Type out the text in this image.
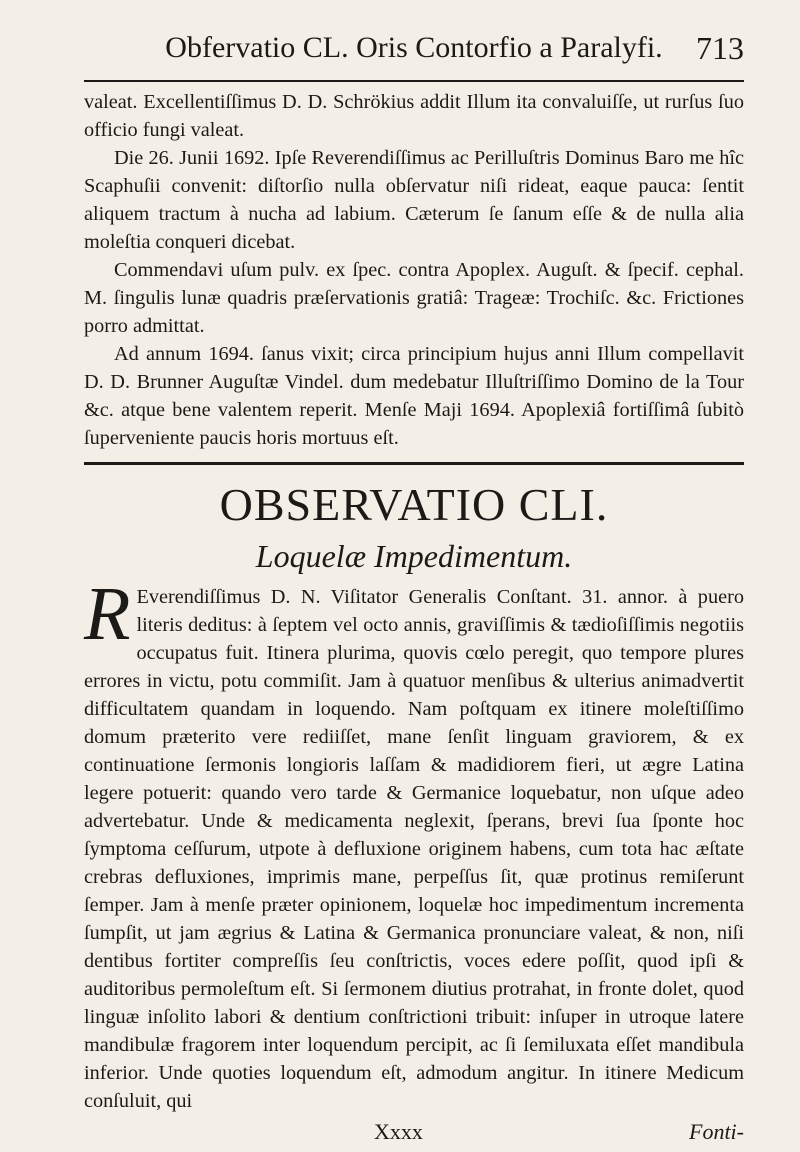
Obfervatio CL. Oris Contorfio a Paralyfi. 713

valeat. Excellentiſſimus D. D. Schrökius addit Illum ita convaluiſſe, ut rurſus ſuo officio fungi valeat.

Die 26. Junii 1692. Ipſe Reverendiſſimus ac Perilluſtris Dominus Baro me hîc Scaphuſii convenit: diſtorſio nulla obſervatur niſi rideat, eaque pauca: ſentit aliquem tractum à nucha ad labium. Cæterum ſe ſanum eſſe & de nulla alia moleſtia conqueri dicebat.

Commendavi uſum pulv. ex ſpec. contra Apoplex. Auguſt. & ſpecif. cephal. M. ſingulis lunæ quadris præſervationis gratiâ: Trageæ: Trochiſc. &c. Frictiones porro admittat.

Ad annum 1694. ſanus vixit; circa principium hujus anni Illum compellavit D. D. Brunner Auguſtæ Vindel. dum medebatur Illuſtriſſimo Domino de la Tour &c. atque bene valentem reperit. Menſe Maji 1694. Apoplexiâ fortiſſimâ ſubitò ſuperveniente paucis horis mortuus eſt.

OBSERVATIO CLI.
Loquelæ Impedimentum.
R Everendiſſimus D. N. Viſitator Generalis Conſtant. 31. annor. à puero literis deditus: à ſeptem vel octo annis, graviſſimis & tædioſiſſimis negotiis occupatus fuit. Itinera plurima, quovis cœlo peregit, quo tempore plures errores in victu, potu commiſit. Jam à quatuor menſibus & ulterius animadvertit difficultatem quandam in loquendo. Nam poſtquam ex itinere moleſtiſſimo domum præterito vere rediiſſet, mane ſenſit linguam graviorem, & ex continuatione ſermonis longioris laſſam & madidiorem fieri, ut ægre Latina legere potuerit: quando vero tarde & Germanice loquebatur, non uſque adeo advertebatur. Unde & medicamenta neglexit, ſperans, brevi ſua ſponte hoc ſymptoma ceſſurum, utpote à defluxione originem habens, cum tota hac æſtate crebras defluxiones, imprimis mane, perpeſſus ſit, quæ protinus remiſerunt ſemper. Jam à menſe præter opinionem, loquelæ hoc impedimentum incrementa ſumpſit, ut jam ægrius & Latina & Germanica pronunciare valeat, & non, niſi dentibus fortiter compreſſis ſeu conſtrictis, voces edere poſſit, quod ipſi & auditoribus permoleſtum eſt. Si ſermonem diutius protrahat, in fronte dolet, quod linguæ inſolito labori & dentium conſtrictioni tribuit: inſuper in utroque latere mandibulæ fragorem inter loquendum percipit, ac ſi ſemiluxata eſſet mandibula inferior. Unde quoties loquendum eſt, admodum angitur. In itinere Medicum conſuluit, qui

Xxxx	Fonti-
